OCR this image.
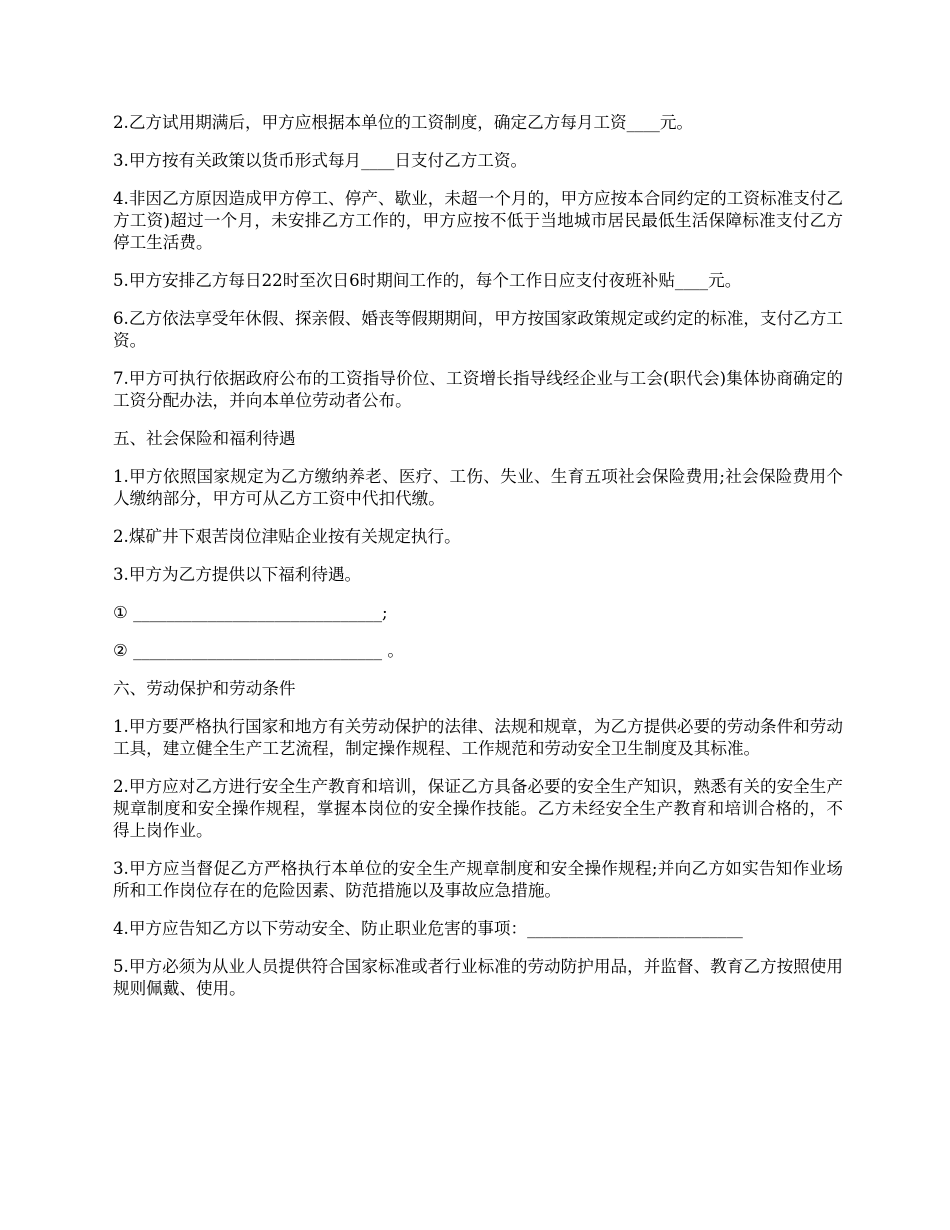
2.乙方试用期满后，甲方应根据本单位的工资制度，确定乙方每月工资____元。

3.甲方按有关政策以货币形式每月____日支付乙方工资。

4.非因乙方原因造成甲方停工、停产、歇业，未超一个月的，甲方应按本合同约定的工资标准支付乙方工资)超过一个月，未安排乙方工作的，甲方应按不低于当地城市居民最低生活保障标准支付乙方停工生活费。

5.甲方安排乙方每日22时至次日6时期间工作的，每个工作日应支付夜班补贴____元。

6.乙方依法享受年休假、探亲假、婚丧等假期期间，甲方按国家政策规定或约定的标准，支付乙方工资。

7.甲方可执行依据政府公布的工资指导价位、工资增长指导线经企业与工会(职代会)集体协商确定的工资分配办法，并向本单位劳动者公布。

五、社会保险和福利待遇

1.甲方依照国家规定为乙方缴纳养老、医疗、工伤、失业、生育五项社会保险费用;社会保险费用个人缴纳部分，甲方可从乙方工资中代扣代缴。

2.煤矿井下艰苦岗位津贴企业按有关规定执行。

3.甲方为乙方提供以下福利待遇。

① ______________________________;

② ______________________________ 。

六、劳动保护和劳动条件

1.甲方要严格执行国家和地方有关劳动保护的法律、法规和规章，为乙方提供必要的劳动条件和劳动工具，建立健全生产工艺流程，制定操作规程、工作规范和劳动安全卫生制度及其标准。

2.甲方应对乙方进行安全生产教育和培训，保证乙方具备必要的安全生产知识，熟悉有关的安全生产规章制度和安全操作规程，掌握本岗位的安全操作技能。乙方未经安全生产教育和培训合格的，不得上岗作业。

3.甲方应当督促乙方严格执行本单位的安全生产规章制度和安全操作规程;并向乙方如实告知作业场所和工作岗位存在的危险因素、防范措施以及事故应急措施。

4.甲方应告知乙方以下劳动安全、防止职业危害的事项：__________________________

5.甲方必须为从业人员提供符合国家标准或者行业标准的劳动防护用品，并监督、教育乙方按照使用规则佩戴、使用。
